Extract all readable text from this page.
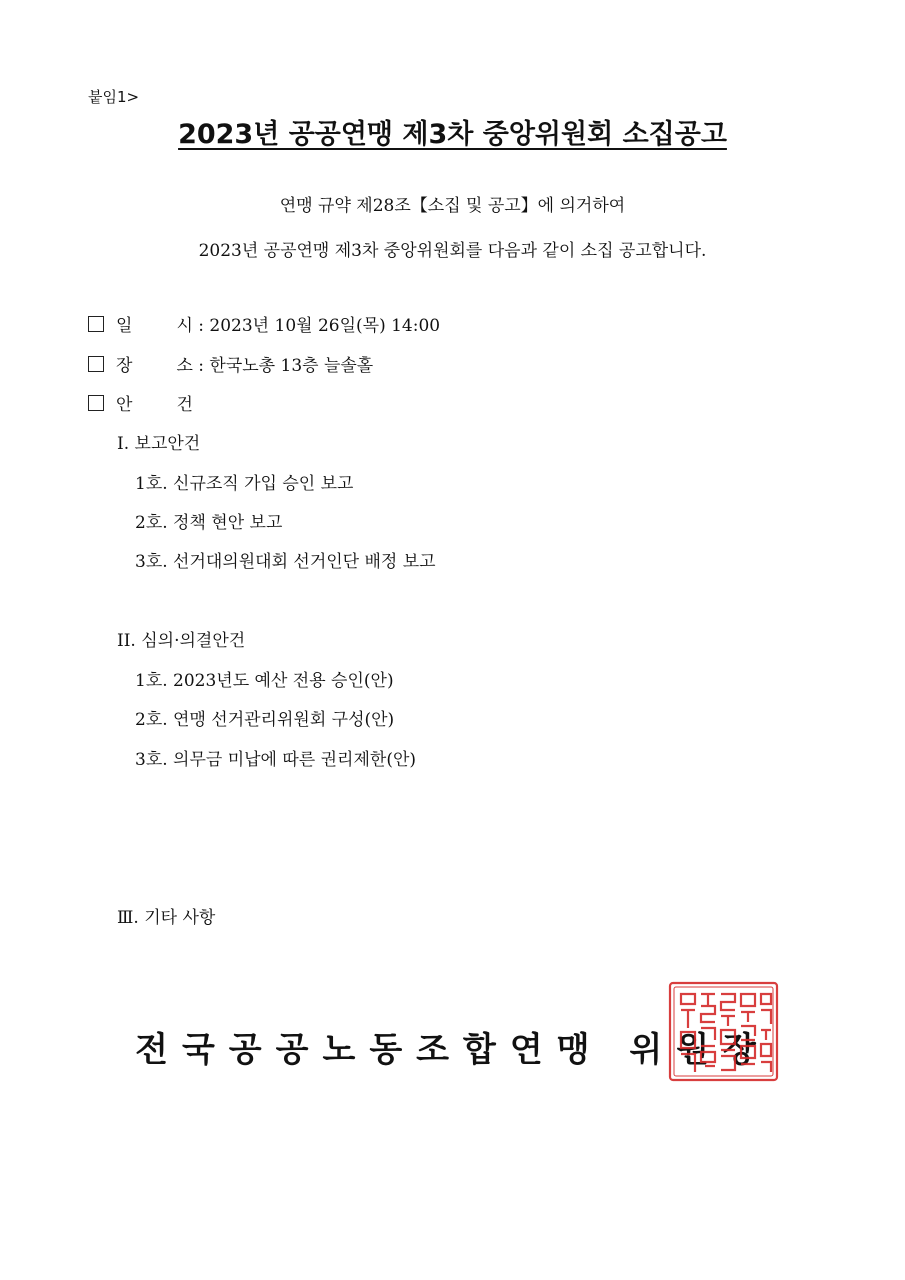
붙임1>
2023년 공공연맹 제3차 중앙위원회 소집공고
연맹 규약 제28조【소집 및 공고】에 의거하여
2023년 공공연맹 제3차 중앙위원회를 다음과 같이 소집 공고합니다.
일	시 : 2023년 10월 26일(목) 14:00
장	소 : 한국노총 13층 늘솔홀
안	건
I. 보고안건
1호. 신규조직 가입 승인 보고
2호. 정책 현안 보고
3호. 선거대의원대회 선거인단 배정 보고
II. 심의·의결안건
1호. 2023년도 예산 전용 승인(안)
2호. 연맹 선거관리위원회 구성(안)
3호. 의무금 미납에 따른 권리제한(안)
Ⅲ. 기타 사항
전국공공노동조합연맹 위원장
